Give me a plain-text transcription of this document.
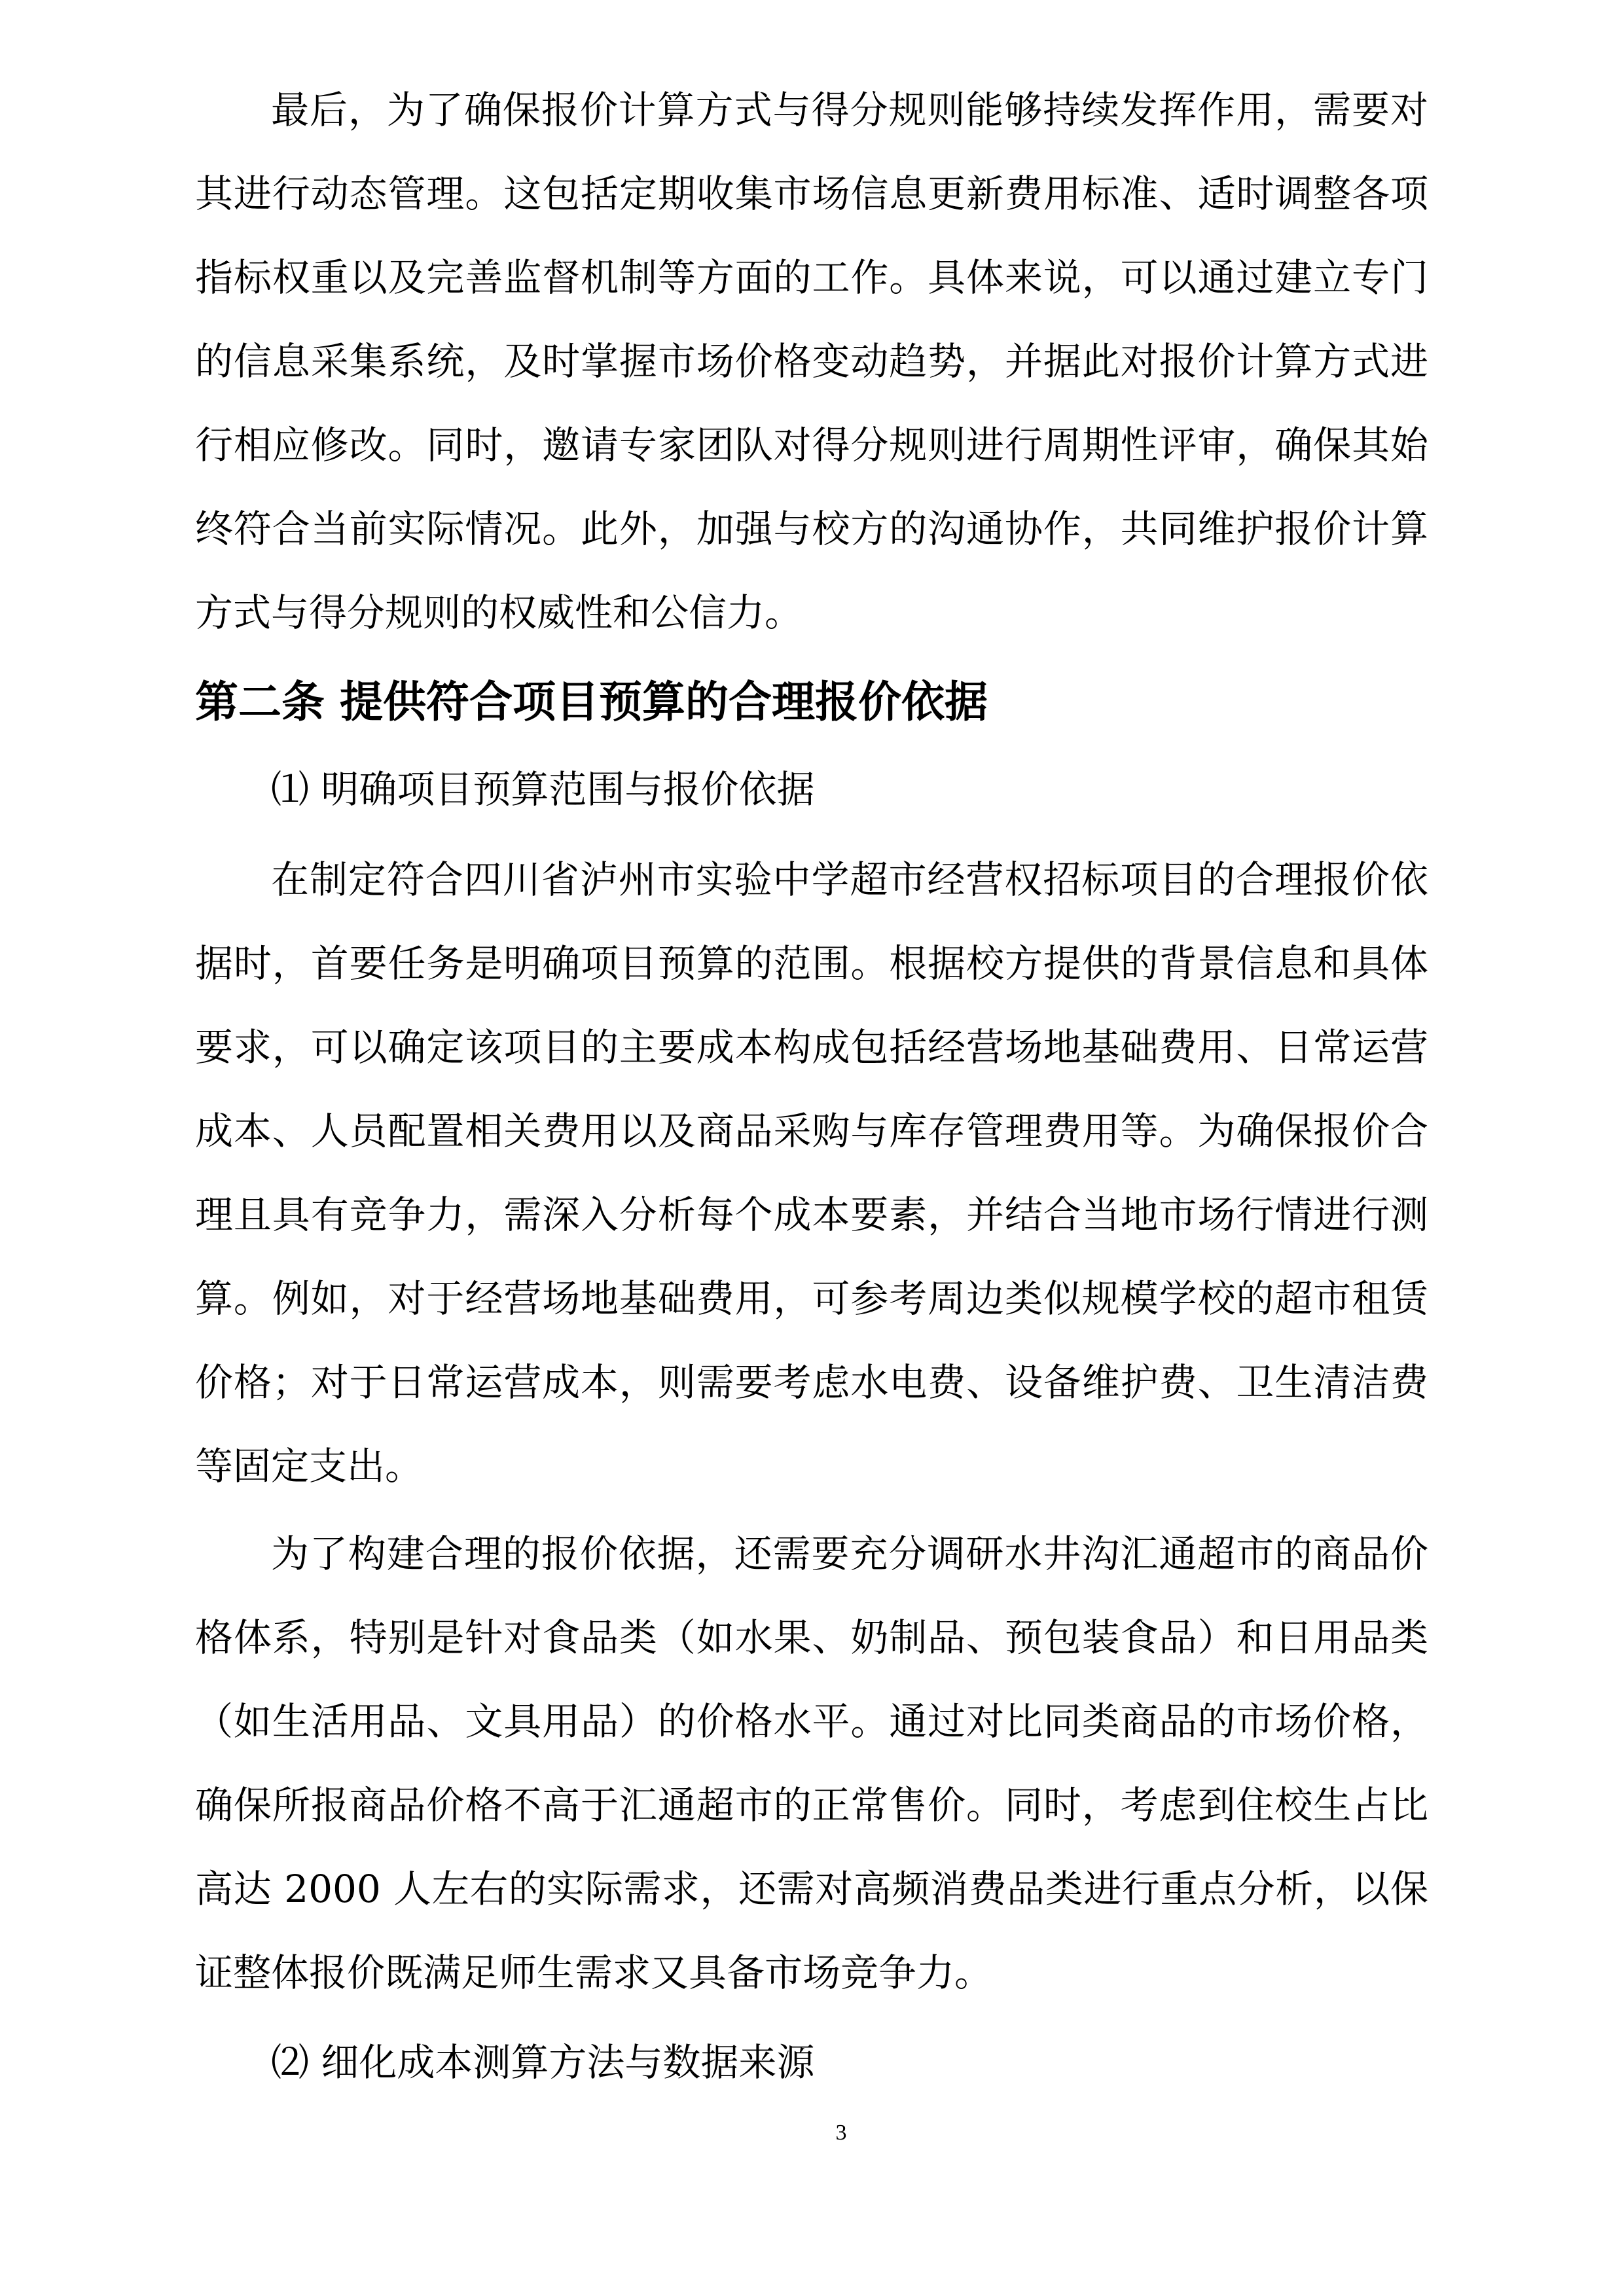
最后，为了确保报价计算方式与得分规则能够持续发挥作用，需要对
其进行动态管理。这包括定期收集市场信息更新费用标准、适时调整各项
指标权重以及完善监督机制等方面的工作。具体来说，可以通过建立专门
的信息采集系统，及时掌握市场价格变动趋势，并据此对报价计算方式进
行相应修改。同时，邀请专家团队对得分规则进行周期性评审，确保其始
终符合当前实际情况。此外，加强与校方的沟通协作，共同维护报价计算
方式与得分规则的权威性和公信力。
第二条 提供符合项目预算的合理报价依据
⑴ 明确项目预算范围与报价依据
在制定符合四川省泸州市实验中学超市经营权招标项目的合理报价依
据时，首要任务是明确项目预算的范围。根据校方提供的背景信息和具体
要求，可以确定该项目的主要成本构成包括经营场地基础费用、日常运营
成本、人员配置相关费用以及商品采购与库存管理费用等。为确保报价合
理且具有竞争力，需深入分析每个成本要素，并结合当地市场行情进行测
算。例如，对于经营场地基础费用，可参考周边类似规模学校的超市租赁
价格；对于日常运营成本，则需要考虑水电费、设备维护费、卫生清洁费
等固定支出。
为了构建合理的报价依据，还需要充分调研水井沟汇通超市的商品价
格体系，特别是针对食品类（如水果、奶制品、预包装食品）和日用品类
（如生活用品、文具用品）的价格水平。通过对比同类商品的市场价格，
确保所报商品价格不高于汇通超市的正常售价。同时，考虑到住校生占比
高达 2000 人左右的实际需求，还需对高频消费品类进行重点分析，以保
证整体报价既满足师生需求又具备市场竞争力。
⑵ 细化成本测算方法与数据来源
3
